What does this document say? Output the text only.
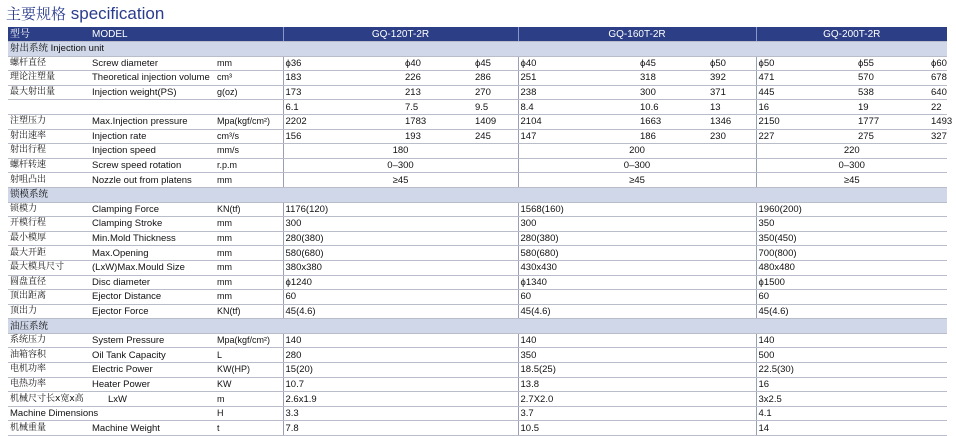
主要规格 specification
型号	MODEL		GQ-120T-2R			GQ-160T-2R			GQ-200T-2R		
射出系统 Injection unit											
螺杆直径	Screw diameter	mm	ϕ36	ϕ40	ϕ45	ϕ40	ϕ45	ϕ50	ϕ50	ϕ55	ϕ60
理论注塑量	Theoretical injection volume	cm³	183	226	286	251	318	392	471	570	678
最大射出量	Injection weight(PS)	g(oz)	173	213	270	238	300	371	445	538	640
			6.1	7.5	9.5	8.4	10.6	13	16	19	22
注塑压力	Max.Injection pressure	Mpa(kgf/cm²)	2202	1783	1409	2104	1663	1346	2150	1777	1493
射出速率	Injection rate	cm³/s	156	193	245	147	186	230	227	275	327
射出行程	Injection speed	mm/s	180			200			220		
螺杆转速	Screw speed rotation	r.p.m	0–300			0–300			0–300		
射咀凸出	Nozzle out from platens	mm	≥45			≥45			≥45		
锁模系统											
锁模力	Clamping Force	KN(tf)	1176(120)			1568(160)			1960(200)		
开模行程	Clamping Stroke	mm	300			300			350		
最小模厚	Min.Mold Thickness	mm	280(380)			280(380)			350(450)		
最大开距	Max.Opening	mm	580(680)			580(680)			700(800)		
最大模具尺寸	(LxW)Max.Mould Size	mm	380x380			430x430			480x480		
圆盘直径	Disc diameter	mm	ϕ1240			ϕ1340			ϕ1500		
顶出距离	Ejector Distance	mm	60			60			60		
顶出力	Ejector Force	KN(tf)	45(4.6)			45(4.6)			45(4.6)		
油压系统											
系统压力	System Pressure	Mpa(kgf/cm²)	140			140			140		
油箱容积	Oil Tank Capacity	L	280			350			500		
电机功率	Electric Power	KW(HP)	15(20)			18.5(25)			22.5(30)		
电热功率	Heater Power	KW	10.7			13.8			16		
机械尺寸长x宽x高	LxW	m	2.6x1.9			2.7X2.0			3x2.5		
Machine Dimensions		H	3.3			3.7			4.1		
机械重量	Machine Weight	t	7.8			10.5			14		
